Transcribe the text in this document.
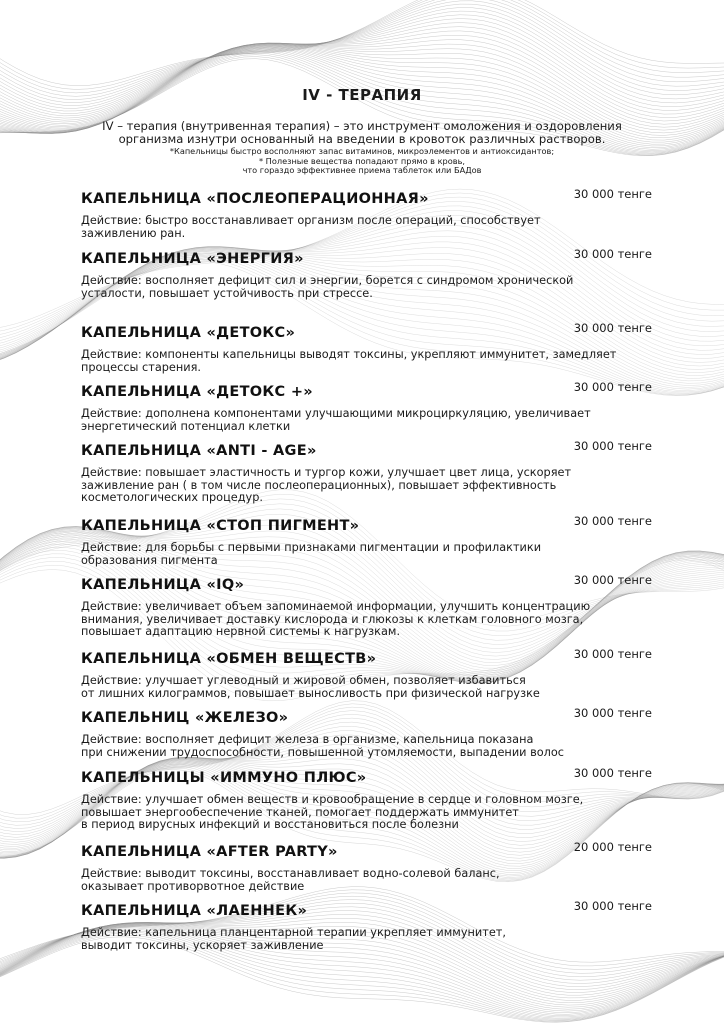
IV - ТЕРАПИЯ
IV – терапия (внутривенная терапия) – это инструмент омоложения и оздоровления
организма изнутри основанный на введении в кровоток различных растворов.
*Капельницы быстро восполняют запас витаминов, микроэлементов и антиоксидантов;
* Полезные вещества попадают прямо в кровь,
что гораздо эффективнее приема таблеток или БАДов
КАПЕЛЬНИЦА «ПОСЛЕОПЕРАЦИОННАЯ»	30 000 тенге
Действие: быстро восстанавливает организм после операций, способствует
заживлению ран.
КАПЕЛЬНИЦА «ЭНЕРГИЯ»	30 000 тенге
Действие: восполняет дефицит сил и энергии, борется с синдромом хронической
усталости, повышает устойчивость при стрессе.
КАПЕЛЬНИЦА «ДЕТОКС»	30 000 тенге
Действие: компоненты капельницы выводят токсины, укрепляют иммунитет, замедляет
процессы старения.
КАПЕЛЬНИЦА «ДЕТОКС +»	30 000 тенге
Действие: дополнена компонентами улучшающими микроциркуляцию, увеличивает
энергетический потенциал клетки
КАПЕЛЬНИЦА «ANTI - AGE»	30 000 тенге
Действие: повышает эластичность и тургор кожи, улучшает цвет лица, ускоряет
заживление ран ( в том числе послеоперационных), повышает эффективность
косметологических процедур.
КАПЕЛЬНИЦА «СТОП ПИГМЕНТ»	30 000 тенге
Действие: для борьбы с первыми признаками пигментации и профилактики
образования пигмента
КАПЕЛЬНИЦА «IQ»	30 000 тенге
Действие: увеличивает объем запоминаемой информации, улучшить концентрацию
внимания, увеличивает доставку кислорода и глюкозы к клеткам головного мозга,
повышает адаптацию нервной системы к нагрузкам.
КАПЕЛЬНИЦА «ОБМЕН ВЕЩЕСТВ»	30 000 тенге
Действие: улучшает углеводный и жировой обмен, позволяет избавиться
от лишних килограммов, повышает выносливость при физической нагрузке
КАПЕЛЬНИЦ «ЖЕЛЕЗО»	30 000 тенге
Действие: восполняет дефицит железа в организме, капельница показана
при снижении трудоспособности, повышенной утомляемости, выпадении волос
КАПЕЛЬНИЦЫ «ИММУНО ПЛЮС»	30 000 тенге
Действие: улучшает обмен веществ и кровообращение в сердце и головном мозге,
повышает энергообеспечение тканей, помогает поддержать иммунитет
в период вирусных инфекций и восстановиться после болезни
КАПЕЛЬНИЦА «AFTER PARTY»	20 000 тенге
Действие: выводит токсины, восстанавливает водно-солевой баланс,
оказывает противорвотное действие
КАПЕЛЬНИЦА «ЛАЕННЕК»	30 000 тенге
Действие: капельница планцентарной терапии укрепляет иммунитет,
выводит токсины, ускоряет заживление
